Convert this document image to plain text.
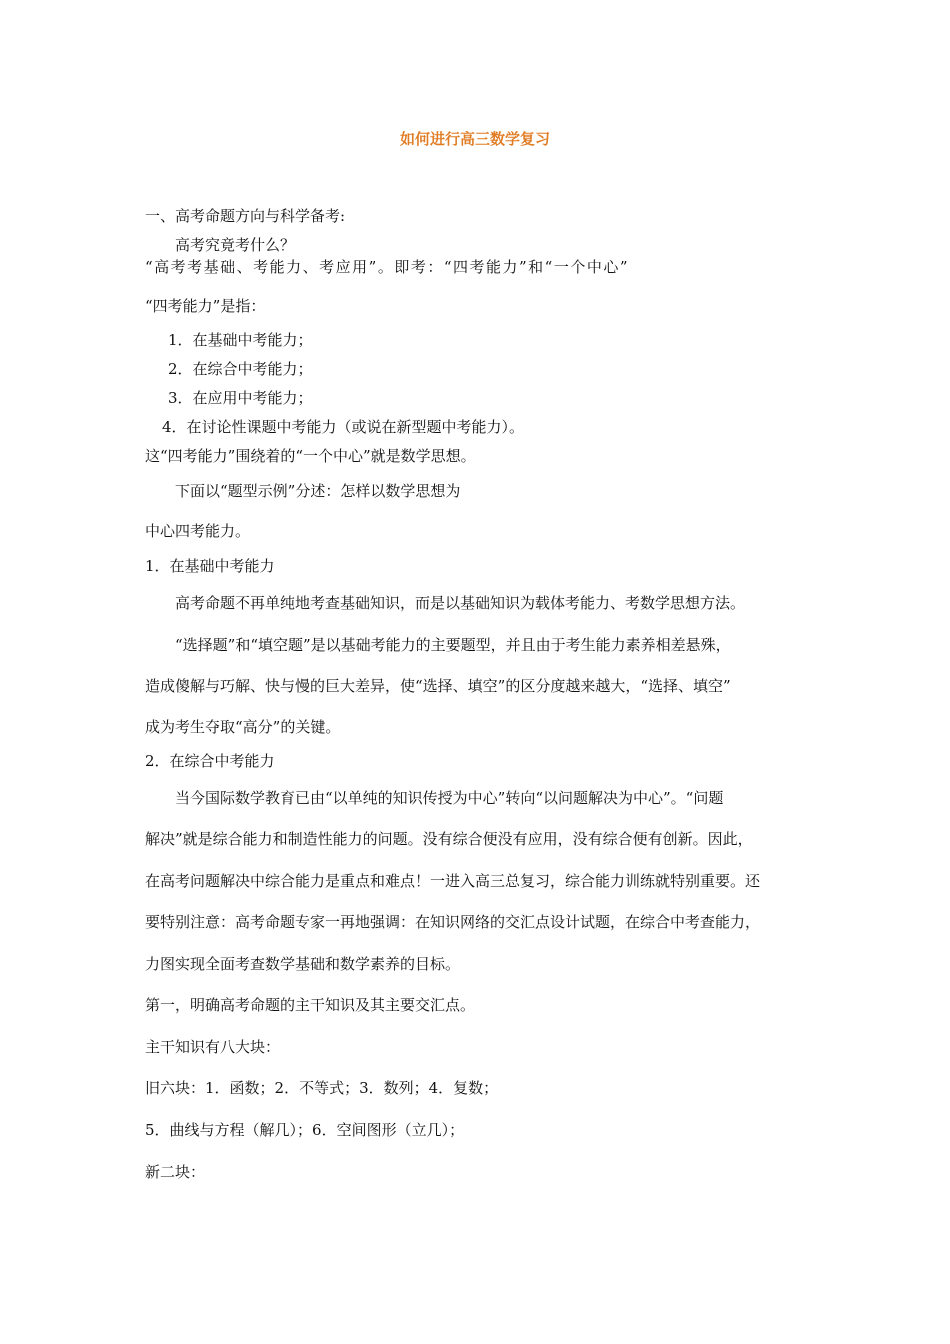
如何进行高三数学复习
一、高考命题方向与科学备考:
高考究竟考什么？
“高考考基础、考能力、考应用”。即考：“四考能力”和“一个中心”
“四考能力”是指：
1．在基础中考能力；
2．在综合中考能力；
3．在应用中考能力；
4．在讨论性课题中考能力（或说在新型题中考能力）。
这“四考能力”围绕着的“一个中心”就是数学思想。
下面以“题型示例”分述：怎样以数学思想为
中心四考能力。
1．在基础中考能力
高考命题不再单纯地考查基础知识，而是以基础知识为载体考能力、考数学思想方法。
“选择题”和“填空题”是以基础考能力的主要题型，并且由于考生能力素养相差悬殊，
造成傻解与巧解、快与慢的巨大差异，使“选择、填空”的区分度越来越大，“选择、填空”
成为考生夺取“高分”的关键。
2．在综合中考能力
当今国际数学教育已由“以单纯的知识传授为中心”转向“以问题解决为中心”。“问题
解决”就是综合能力和制造性能力的问题。没有综合便没有应用，没有综合便有创新。因此，
在高考问题解决中综合能力是重点和难点！一进入高三总复习，综合能力训练就特别重要。还
要特别注意：高考命题专家一再地强调：在知识网络的交汇点设计试题，在综合中考查能力，
力图实现全面考查数学基础和数学素养的目标。
第一，明确高考命题的主干知识及其主要交汇点。
主干知识有八大块：
旧六块：1．函数；2．不等式；3．数列；4．复数；
5．曲线与方程（解几）；6．空间图形（立几）；
新二块：
